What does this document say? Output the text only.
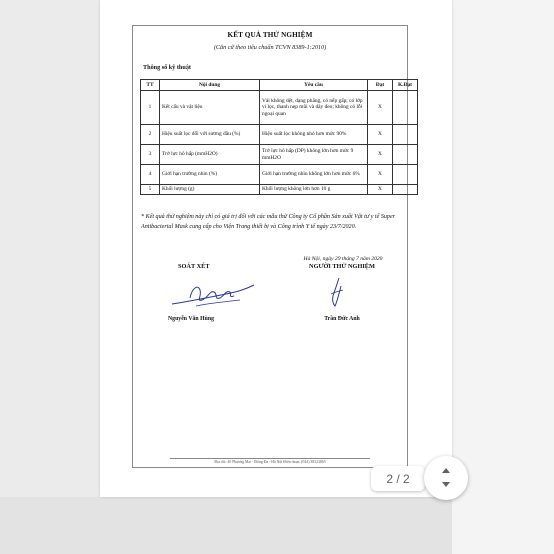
KẾT QUẢ THỬ NGHIỆM
(Căn cứ theo tiêu chuẩn TCVN 8389-1:2010)
Thông số kỹ thuật
TT	Nội dung	Yêu cầu	Đạt	K.Đạt
1	Kết cấu và vật liệu	Vải không dệt, dạng phẳng, có nếp gấp; có lớp vi lọc, thanh nẹp mũi và dây đeo; không có lỗi ngoại quan	X	
2	Hiệu suất lọc đối với sương dầu (%)	Hiệu suất lọc không nhỏ hơn mức 90%	X	
3	Trở lực hô hấp (mmH2O)	Trở lực hô hấp (DP) không lớn hơn mức 9 mmH2O	X	
4	Giới hạn trường nhìn (%)	Giới hạn trường nhìn không lớn hơn mức 6%	X	
5	Khối lượng (g)	Khối lượng không lớn hơn 10 g	X	
* Kết quả thử nghiệm này chỉ có giá trị đối với các mẫu thử Công ty Cổ phần Sản xuất Vật tư y tế Super Antibacterial Mask cung cấp cho Viện Trang thiết bị và Công trình Y tế ngày 23/7/2020.
Hà Nội, ngày 29 tháng 7 năm 2020
SOÁT XÉT	NGƯỜI THỬ NGHIỆM
Nguyễn Văn Hùng	Trần Đức Anh
Địa chỉ: 40 Phương Mai - Đống Đa - Hà Nội Điện thoại: (024) 38523865
2 / 2
